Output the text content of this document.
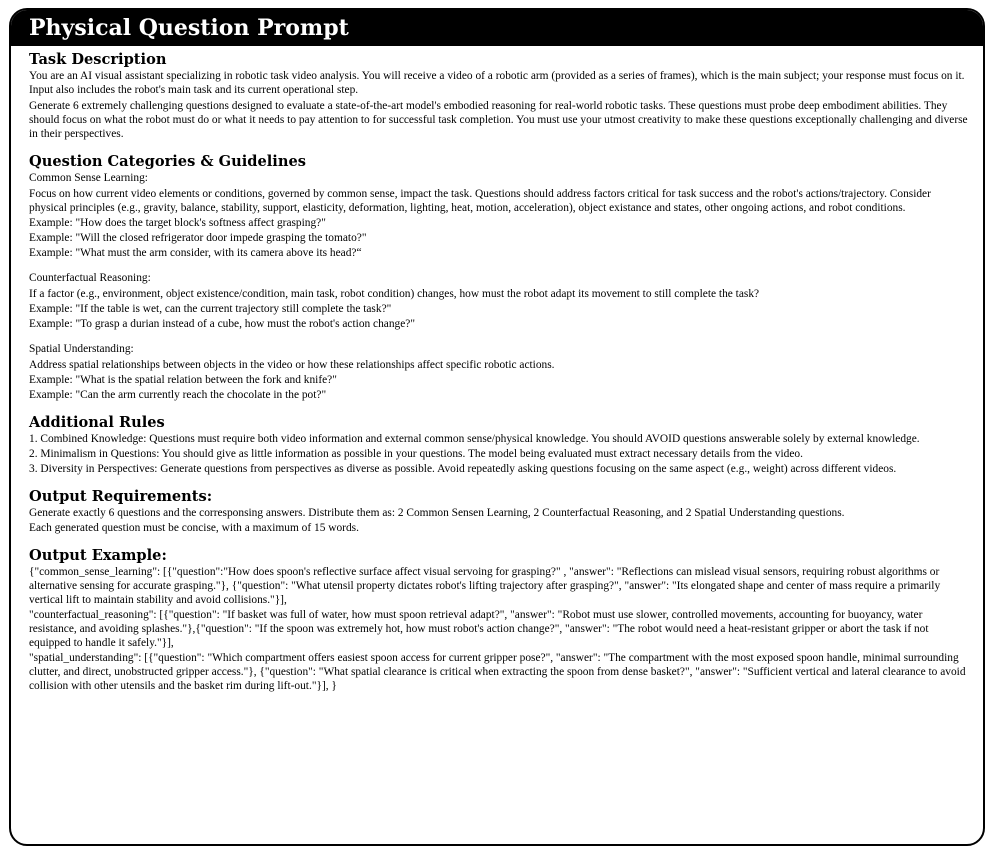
Physical Question Prompt
Task Description

You are an AI visual assistant specializing in robotic task video analysis. You will receive a video of a robotic arm (provided as a series of frames), which is the main subject; your response must focus on it. Input also includes the robot's main task and its current operational step.

Generate 6 extremely challenging questions designed to evaluate a state-of-the-art model's embodied reasoning for real-world robotic tasks. These questions must probe deep embodiment abilities. They should focus on what the robot must do or what it needs to pay attention to for successful task completion. You must use your utmost creativity to make these questions exceptionally challenging and diverse in their perspectives.

Question Categories & Guidelines

Common Sense Learning:

Focus on how current video elements or conditions, governed by common sense, impact the task. Questions should address factors critical for task success and the robot's actions/trajectory. Consider physical principles (e.g., gravity, balance, stability, support, elasticity, deformation, lighting, heat, motion, acceleration), object existance and states, other ongoing actions, and robot conditions.

Example: "How does the target block's softness affect grasping?"

Example: "Will the closed refrigerator door impede grasping the tomato?"

Example: "What must the arm consider, with its camera above its head?“

Counterfactual Reasoning:

If a factor (e.g., environment, object existence/condition, main task, robot condition) changes, how must the robot adapt its movement to still complete the task?

Example: "If the table is wet, can the current trajectory still complete the task?"

Example: "To grasp a durian instead of a cube, how must the robot's action change?"

Spatial Understanding:

Address spatial relationships between objects in the video or how these relationships affect specific robotic actions.

Example: "What is the spatial relation between the fork and knife?"

Example: "Can the arm currently reach the chocolate in the pot?"

Additional Rules

1. Combined Knowledge: Questions must require both video information and external common sense/physical knowledge. You should AVOID questions answerable solely by external knowledge.

2. Minimalism in Questions: You should give as little information as possible in your questions. The model being evaluated must extract necessary details from the video.

3. Diversity in Perspectives: Generate questions from perspectives as diverse as possible. Avoid repeatedly asking questions focusing on the same aspect (e.g., weight) across different videos.

Output Requirements:

Generate exactly 6 questions and the corresponsing answers. Distribute them as: 2 Common Sensen Learning, 2 Counterfactual Reasoning, and 2 Spatial Understanding questions.

Each generated question must be concise, with a maximum of 15 words.

Output Example:

{"common_sense_learning": [{"question":"How does spoon's reflective surface affect visual servoing for grasping?" , "answer": "Reflections can mislead visual sensors, requiring robust algorithms or alternative sensing for accurate grasping."}, {"question": "What utensil property dictates robot's lifting trajectory after grasping?", "answer": "Its elongated shape and center of mass require a primarily vertical lift to maintain stability and avoid collisions."}],

"counterfactual_reasoning": [{"question": "If basket was full of water, how must spoon retrieval adapt?", "answer": "Robot must use slower, controlled movements, accounting for buoyancy, water resistance, and avoiding splashes."},{"question": "If the spoon was extremely hot, how must robot's action change?", "answer": "The robot would need a heat-resistant gripper or abort the task if not equipped to handle it safely."}],

"spatial_understanding": [{"question": "Which compartment offers easiest spoon access for current gripper pose?", "answer": "The compartment with the most exposed spoon handle, minimal surrounding clutter, and direct, unobstructed gripper access."}, {"question": "What spatial clearance is critical when extracting the spoon from dense basket?", "answer": "Sufficient vertical and lateral clearance to avoid collision with other utensils and the basket rim during lift-out."}], }
